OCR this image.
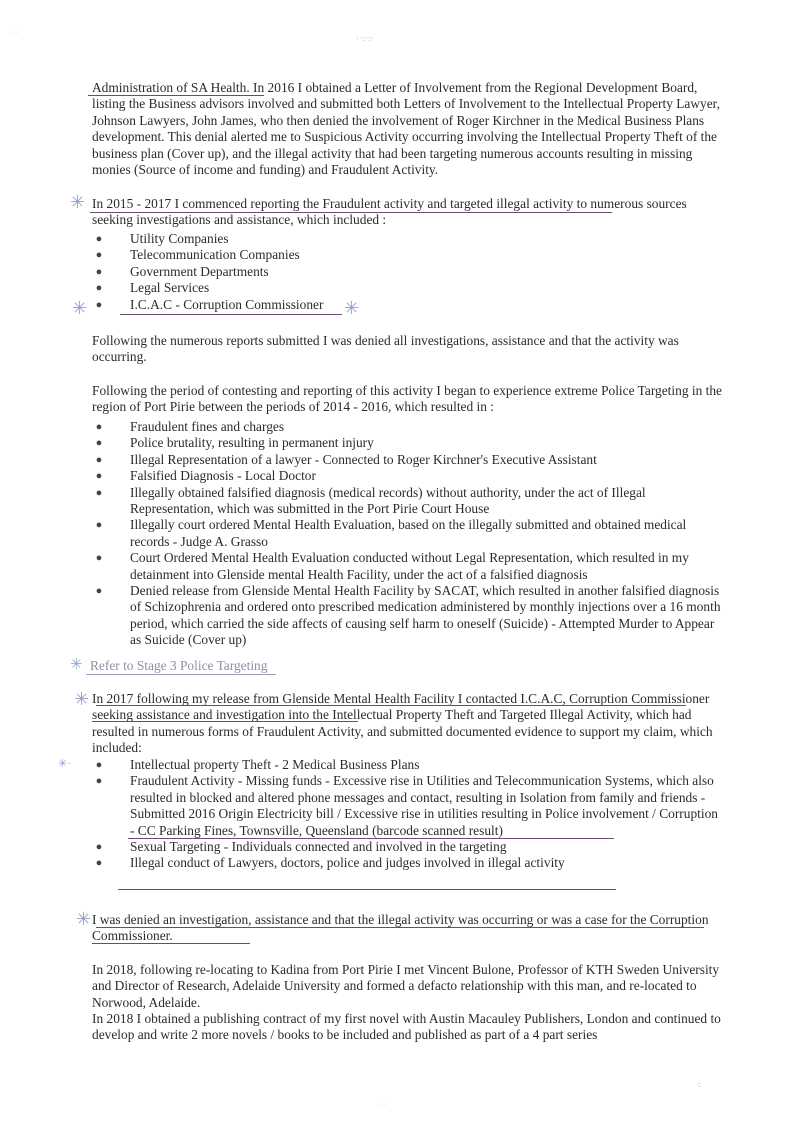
· ·
· ·:·:·

Administration of SA Health. In 2016 I obtained a Letter of Involvement from the Regional Development Board, listing the Business advisors involved and submitted both Letters of Involvement to the Intellectual Property Lawyer, Johnson Lawyers, John James, who then denied the involvement of Roger Kirchner in the Medical Business Plans development. This denial alerted me to Suspicious Activity occurring involving the Intellectual Property Theft of the business plan (Cover up), and the illegal activity that had been targeting numerous accounts resulting in missing monies (Source of income and funding) and Fraudulent Activity.

✳ In 2015 - 2017 I commenced reporting the Fraudulent activity and targeted illegal activity to numerous sources seeking investigations and assistance, which included :

● Utility Companies
● Telecommunication Companies
● Government Departments
● Legal Services
● I.C.A.C - Corruption Commissioner
✳	✳

Following the numerous reports submitted I was denied all investigations, assistance and that the activity was occurring.

Following the period of contesting and reporting of this activity I began to experience extreme Police Targeting in the region of Port Pirie between the periods of 2014 - 2016, which resulted in :

● Fraudulent fines and charges
● Police brutality, resulting in permanent injury
● Illegal Representation of a lawyer - Connected to Roger Kirchner's Executive Assistant
● Falsified Diagnosis - Local Doctor
● Illegally obtained falsified diagnosis (medical records) without authority, under the act of Illegal Representation, which was submitted in the Port Pirie Court House
● Illegally court ordered Mental Health Evaluation, based on the illegally submitted and obtained medical records - Judge A. Grasso
● Court Ordered Mental Health Evaluation conducted without Legal Representation, which resulted in my detainment into Glenside mental Health Facility, under the act of a falsified diagnosis
● Denied release from Glenside Mental Health Facility by SACAT, which resulted in another falsified diagnosis of Schizophrenia and ordered onto prescribed medication administered by monthly injections over a 16 month period, which carried the side affects of causing self harm to oneself (Suicide) - Attempted Murder to Appear as Suicide (Cover up)
✳ Refer to Stage 3 Police Targeting

✳ In 2017 following my release from Glenside Mental Health Facility I contacted I.C.A.C, Corruption Commissioner seeking assistance and investigation into the Intellectual Property Theft and Targeted Illegal Activity, which had resulted in numerous forms of Fraudulent Activity, and submitted documented evidence to support my claim, which included:

● Intellectual property Theft - 2 Medical Business Plans
● Fraudulent Activity - Missing funds - Excessive rise in Utilities and Telecommunication Systems, which also resulted in blocked and altered phone messages and contact, resulting in Isolation from family and friends - Submitted 2016 Origin Electricity bill / Excessive rise in utilities resulting in Police involvement / Corruption - CC Parking Fines, Townsville, Queensland (barcode scanned result)
● Sexual Targeting - Individuals connected and involved in the targeting
● Illegal conduct of Lawyers, doctors, police and judges involved in illegal activity
✳·
✳ I was denied an investigation, assistance and that the illegal activity was occurring or was a case for the Corruption Commissioner.

In 2018, following re-locating to Kadina from Port Pirie I met Vincent Bulone, Professor of KTH Sweden University and Director of Research, Adelaide University and formed a defacto relationship with this man, and re-located to Norwood, Adelaide.

In 2018 I obtained a publishing contract of my first novel with Austin Macauley Publishers, London and continued to develop and write 2 more novels / books to be included and published as part of a 4 part series

·:
· ·
